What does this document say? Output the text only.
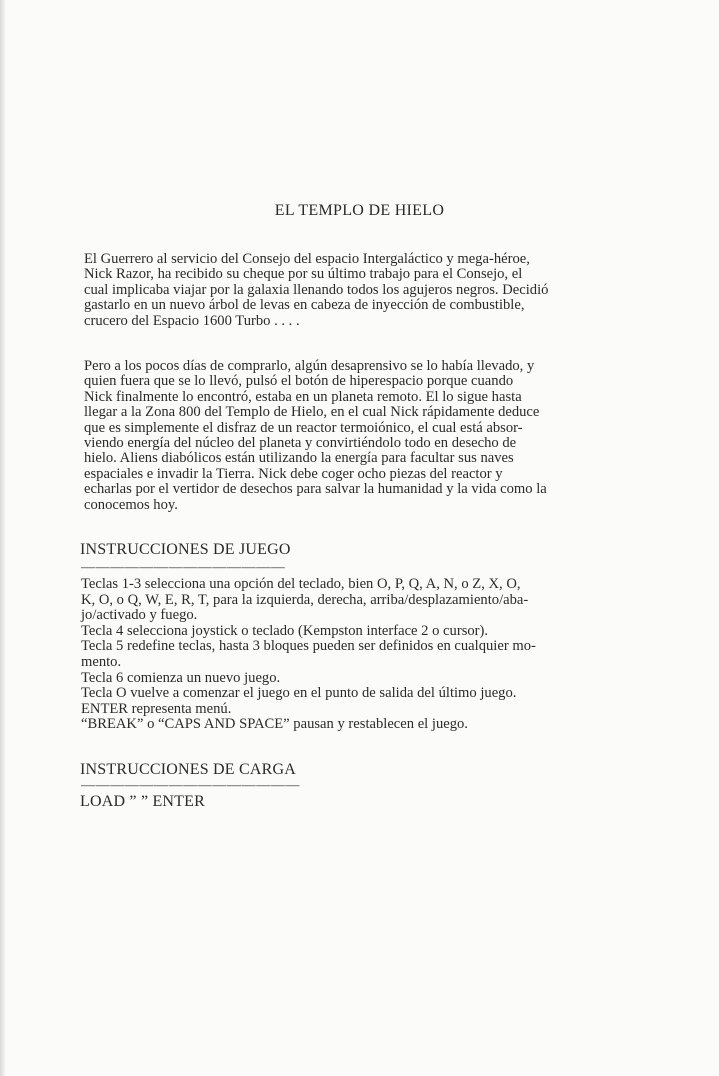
EL TEMPLO DE HIELO
El Guerrero al servicio del Consejo del espacio Intergaláctico y mega-héroe,
Nick Razor, ha recibido su cheque por su último trabajo para el Consejo, el
cual implicaba viajar por la galaxia llenando todos los agujeros negros. Decidió
gastarlo en un nuevo árbol de levas en cabeza de inyección de combustible,
crucero del Espacio 1600 Turbo . . . .
Pero a los pocos días de comprarlo, algún desaprensivo se lo había llevado, y
quien fuera que se lo llevó, pulsó el botón de hiperespacio porque cuando
Nick finalmente lo encontró, estaba en un planeta remoto. El lo sigue hasta
llegar a la Zona 800 del Templo de Hielo, en el cual Nick rápidamente deduce
que es simplemente el disfraz de un reactor termoiónico, el cual está absor-
viendo energía del núcleo del planeta y convirtiéndolo todo en desecho de
hielo. Aliens diabólicos están utilizando la energía para facultar sus naves
espaciales e invadir la Tierra. Nick debe coger ocho piezas del reactor y
echarlas por el vertidor de desechos para salvar la humanidad y la vida como la
conocemos hoy.
INSTRUCCIONES DE JUEGO
——————————————
Teclas 1-3 selecciona una opción del teclado, bien O, P, Q, A, N, o Z, X, O,
K, O, o Q, W, E, R, T, para la izquierda, derecha, arriba/desplazamiento/aba-
jo/activado y fuego.
Tecla 4 selecciona joystick o teclado (Kempston interface 2 o cursor).
Tecla 5 redefine teclas, hasta 3 bloques pueden ser definidos en cualquier mo-
mento.
Tecla 6 comienza un nuevo juego.
Tecla O vuelve a comenzar el juego en el punto de salida del último juego.
ENTER representa menú.
“BREAK” o “CAPS AND SPACE” pausan y restablecen el juego.
INSTRUCCIONES DE CARGA
———————————————
LOAD ” ” ENTER
